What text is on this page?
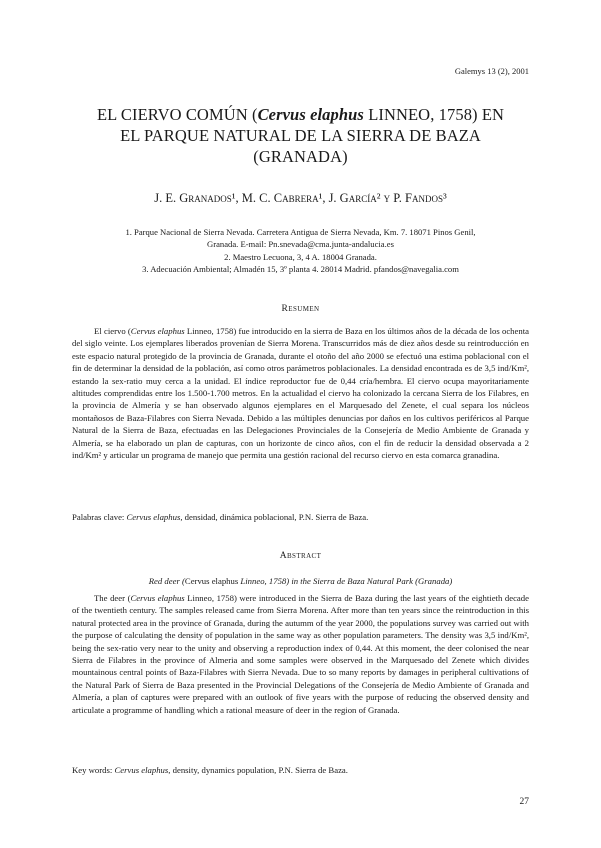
Galemys 13 (2), 2001
EL CIERVO COMÚN (Cervus elaphus LINNEO, 1758) EN
EL PARQUE NATURAL DE LA SIERRA DE BAZA
(GRANADA)
J. E. Granados¹, M. C. Cabrera¹, J. García² y P. Fandos³
1. Parque Nacional de Sierra Nevada. Carretera Antigua de Sierra Nevada, Km. 7. 18071 Pinos Genil,
Granada. E-mail: Pn.snevada@cma.junta-andalucia.es
2. Maestro Lecuona, 3, 4 A. 18004 Granada.
3. Adecuación Ambiental; Almadén 15, 3º planta 4. 28014 Madrid. pfandos@navegalia.com
Resumen
El ciervo (Cervus elaphus Linneo, 1758) fue introducido en la sierra de Baza en los últimos años de la década de los ochenta del siglo veinte. Los ejemplares liberados provenían de Sierra Morena. Transcurridos más de diez años desde su reintroducción en este espacio natural protegido de la provincia de Granada, durante el otoño del año 2000 se efectuó una estima poblacional con el fin de determinar la densidad de la población, así como otros parámetros poblacionales. La densidad encontrada es de 3,5 ind/Km², estando la sex-ratio muy cerca a la unidad. El índice reproductor fue de 0,44 cría/hembra. El ciervo ocupa mayoritariamente altitudes comprendidas entre los 1.500-1.700 metros. En la actualidad el ciervo ha colonizado la cercana Sierra de los Filabres, en la provincia de Almería y se han observado algunos ejemplares en el Marquesado del Zenete, el cual separa los núcleos montañosos de Baza-Filabres con Sierra Nevada. Debido a las múltiples denuncias por daños en los cultivos periféricos al Parque Natural de la Sierra de Baza, efectuadas en las Delegaciones Provinciales de la Consejería de Medio Ambiente de Granada y Almería, se ha elaborado un plan de capturas, con un horizonte de cinco años, con el fin de reducir la densidad observada a 2 ind/Km² y articular un programa de manejo que permita una gestión racional del recurso ciervo en esta comarca granadina.
Palabras clave: Cervus elaphus, densidad, dinámica poblacional, P.N. Sierra de Baza.
Abstract
Red deer (Cervus elaphus Linneo, 1758) in the Sierra de Baza Natural Park (Granada)
The deer (Cervus elaphus Linneo, 1758) were introduced in the Sierra de Baza during the last years of the eightieth decade of the twentieth century. The samples released came from Sierra Morena. After more than ten years since the reintroduction in this natural protected area in the province of Granada, during the autumm of the year 2000, the populations survey was carried out with the purpose of calculating the density of population in the same way as other population parameters. The density was 3,5 ind/Km², being the sex-ratio very near to the unity and observing a reproduction index of 0,44. At this moment, the deer colonised the near Sierra de Filabres in the province of Almeria and some samples were observed in the Marquesado del Zenete which divides mountainous central points of Baza-Filabres with Sierra Nevada. Due to so many reports by damages in peripheral cultivations of the Natural Park of Sierra de Baza presented in the Provincial Delegations of the Consejería de Medio Ambiente of Granada and Almería, a plan of captures were prepared with an outlook of five years with the purpose of reducing the observed density and articulate a programme of handling which a rational measure of deer in the region of Granada.
Key words: Cervus elaphus, density, dynamics population, P.N. Sierra de Baza.
27
